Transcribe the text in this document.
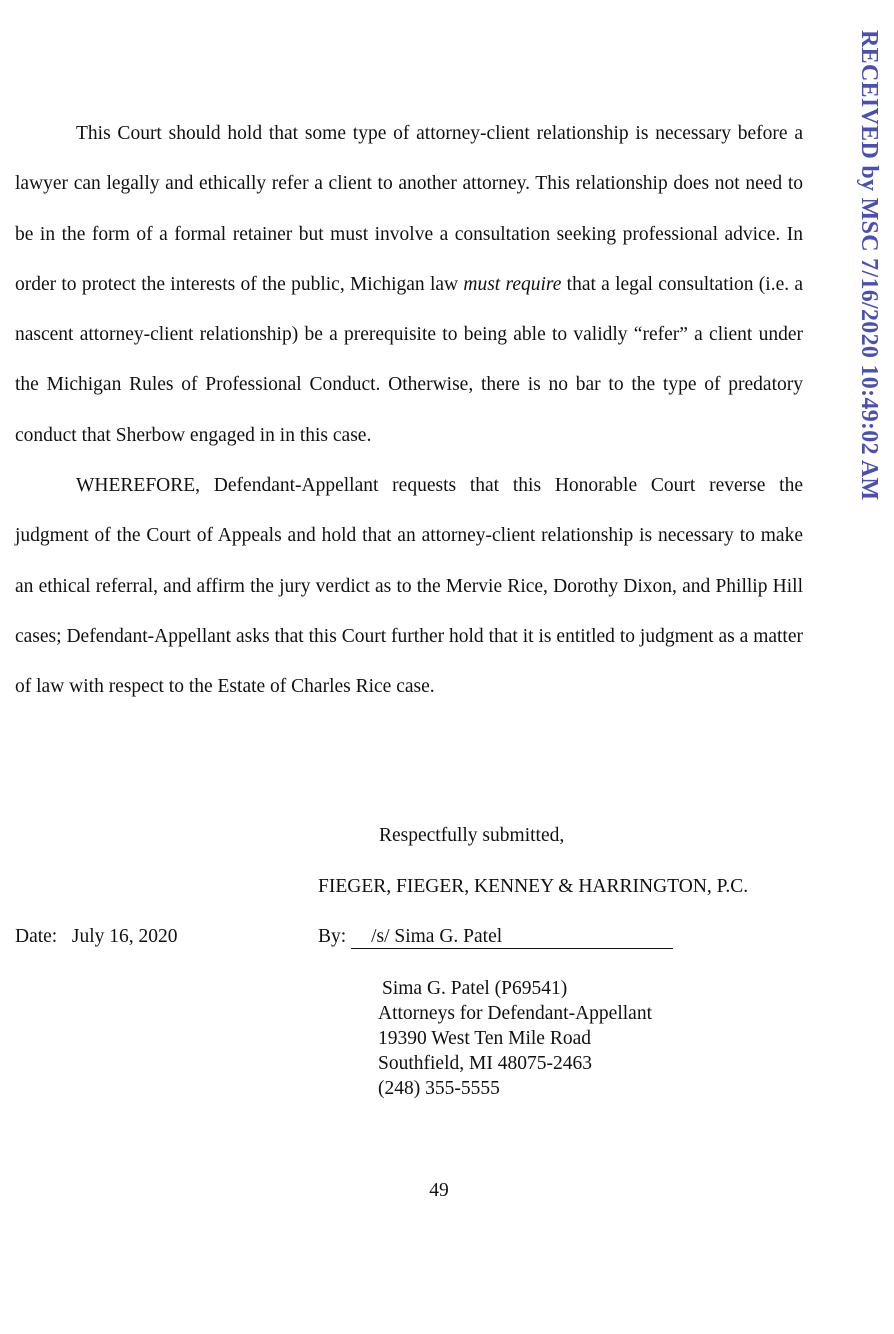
RECEIVED by MSC 7/16/2020 10:49:02 AM

This Court should hold that some type of attorney-client relationship is necessary before a lawyer can legally and ethically refer a client to another attorney. This relationship does not need to be in the form of a formal retainer but must involve a consultation seeking professional advice. In order to protect the interests of the public, Michigan law must require that a legal consultation (i.e. a nascent attorney-client relationship) be a prerequisite to being able to validly “refer” a client under the Michigan Rules of Professional Conduct. Otherwise, there is no bar to the type of predatory conduct that Sherbow engaged in in this case.

WHEREFORE, Defendant-Appellant requests that this Honorable Court reverse the judgment of the Court of Appeals and hold that an attorney-client relationship is necessary to make an ethical referral, and affirm the jury verdict as to the Mervie Rice, Dorothy Dixon, and Phillip Hill cases; Defendant-Appellant asks that this Court further hold that it is entitled to judgment as a matter of law with respect to the Estate of Charles Rice case.

Respectfully submitted,
FIEGER, FIEGER, KENNEY & HARRINGTON, P.C.
Date: July 16, 2020	By: /s/ Sima G. Patel
Sima G. Patel (P69541)
Attorneys for Defendant-Appellant
19390 West Ten Mile Road
Southfield, MI 48075-2463
(248) 355-5555
49
